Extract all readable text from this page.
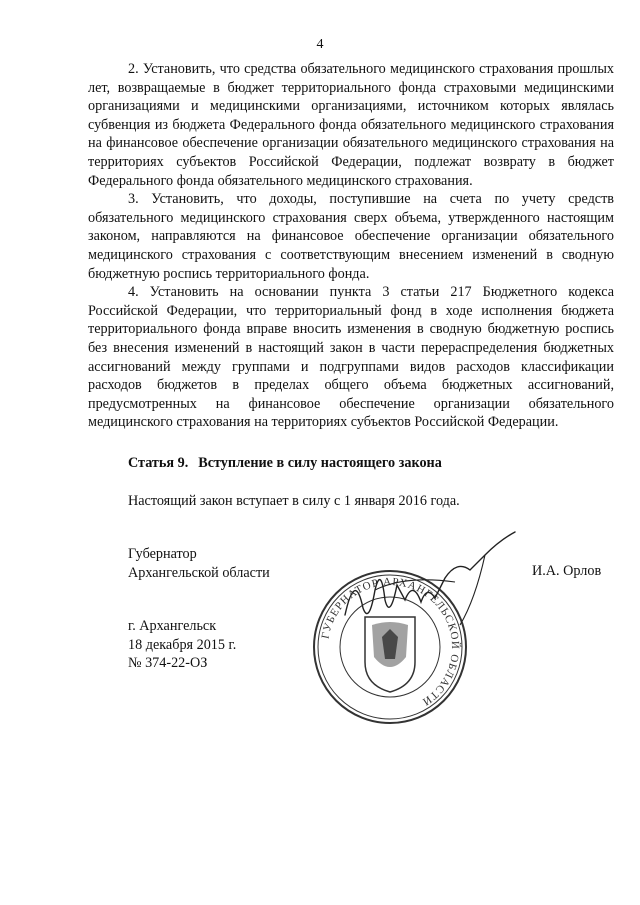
4

2. Установить, что средства обязательного медицинского страхования прошлых лет, возвращаемые в бюджет территориального фонда страховыми медицинскими организациями и медицинскими организациями, источником которых являлась субвенция из бюджета Федерального фонда обязательного медицинского страхования на финансовое обеспечение организации обязательного медицинского страхования на территориях субъектов Российской Федерации, подлежат возврату в бюджет Федерального фонда обязательного медицинского страхования.

3. Установить, что доходы, поступившие на счета по учету средств обязательного медицинского страхования сверх объема, утвержденного настоящим законом, направляются на финансовое обеспечение организации обязательного медицинского страхования с соответствующим внесением изменений в сводную бюджетную роспись территориального фонда.

4. Установить на основании пункта 3 статьи 217 Бюджетного кодекса Российской Федерации, что территориальный фонд в ходе исполнения бюджета территориального фонда вправе вносить изменения в сводную бюджетную роспись без внесения изменений в настоящий закон в части перераспределения бюджетных ассигнований между группами и подгруппами видов расходов классификации расходов бюджетов в пределах общего объема бюджетных ассигнований, предусмотренных на финансовое обеспечение организации обязательного медицинского страхования на территориях субъектов Российской Федерации.

Статья 9. Вступление в силу настоящего закона

Настоящий закон вступает в силу с 1 января 2016 года.

Губернатор
Архангельской области	И.А. Орлов
г. Архангельск
18 декабря 2015 г.
№ 374-22-ОЗ
ГУБЕРНАТОР АРХАНГЕЛЬСКОЙ ОБЛАСТИ
